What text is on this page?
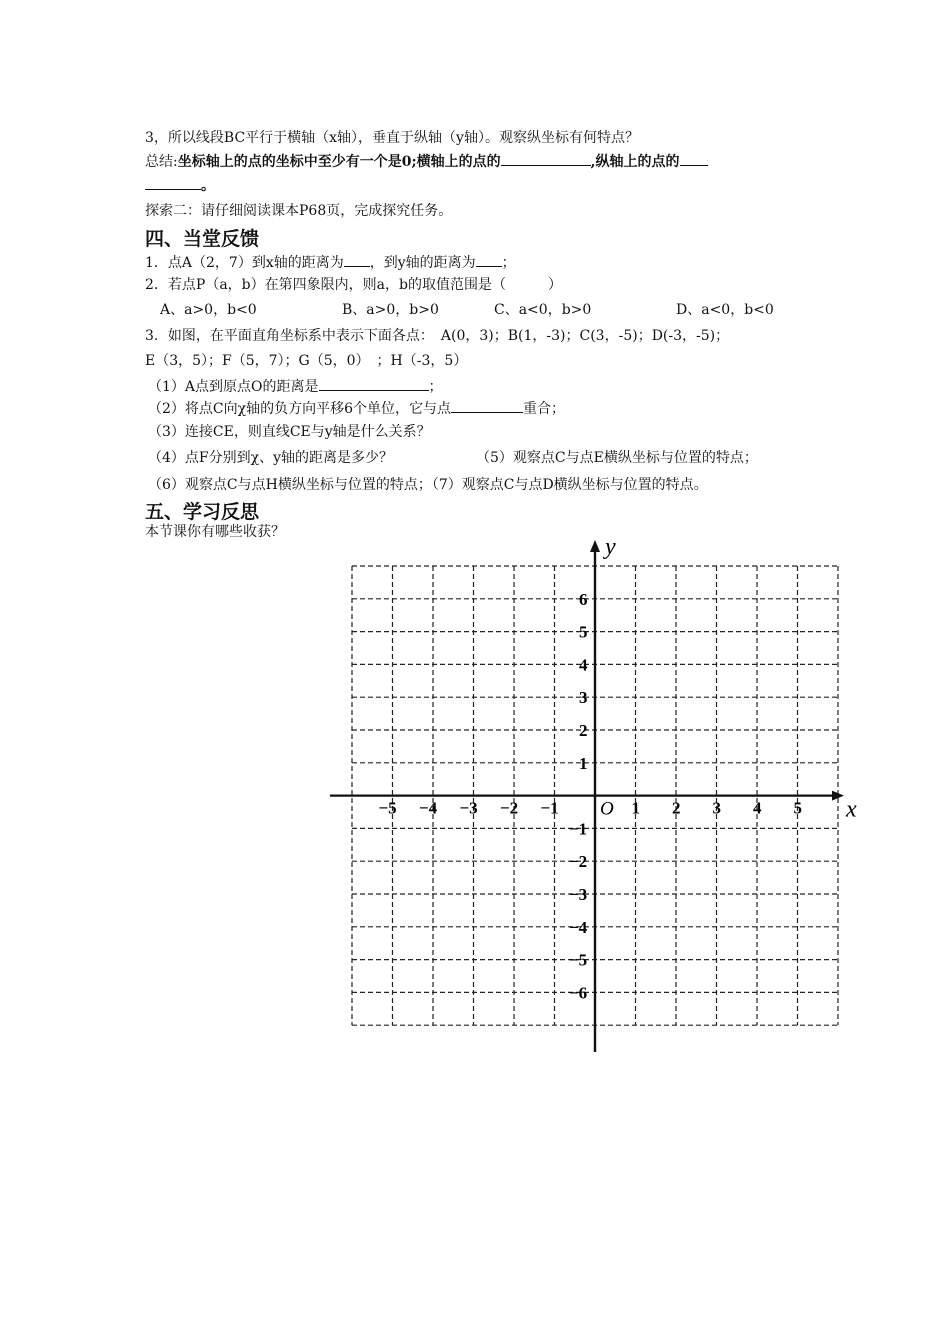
3，所以线段BC平行于横轴（x轴），垂直于纵轴（y轴）。观察纵坐标有何特点？
总结:坐标轴上的点的坐标中至少有一个是0;横轴上的点的	,纵轴上的点的
。
探索二：请仔细阅读课本P68页，完成探究任务。
四、当堂反馈
1．点A（2，7）到x轴的距离为 ，到y轴的距离为 ；
2．若点P（a，b）在第四象限内，则a，b的取值范围是（　　　）
A、a>0，b<0	B、a>0，b>0	C、a<0，b>0	D、a<0，b<0
3．如图，在平面直角坐标系中表示下面各点：　A(0，3)；B(1，-3)；C(3，-5)；D(-3，-5)；
E（3，5）；F（5，7）；G（5，0）　；H（-3，5）
（1）A点到原点O的距离是	；
（2）将点C向χ轴的负方向平移6个单位，它与点	重合；
（3）连接CE，则直线CE与y轴是什么关系？
（4）点F分别到χ、y轴的距离是多少？	（5）观察点C与点E横纵坐标与位置的特点；
（6）观察点C与点H横纵坐标与位置的特点；（7）观察点C与点D横纵坐标与位置的特点。
五、学习反思
本节课你有哪些收获？
x
y
O
−5 −4 −3 −2 −1	1 2 3 4 5
6
5
4
3
2
1
−1
−2
−3
−4
−5
−6
